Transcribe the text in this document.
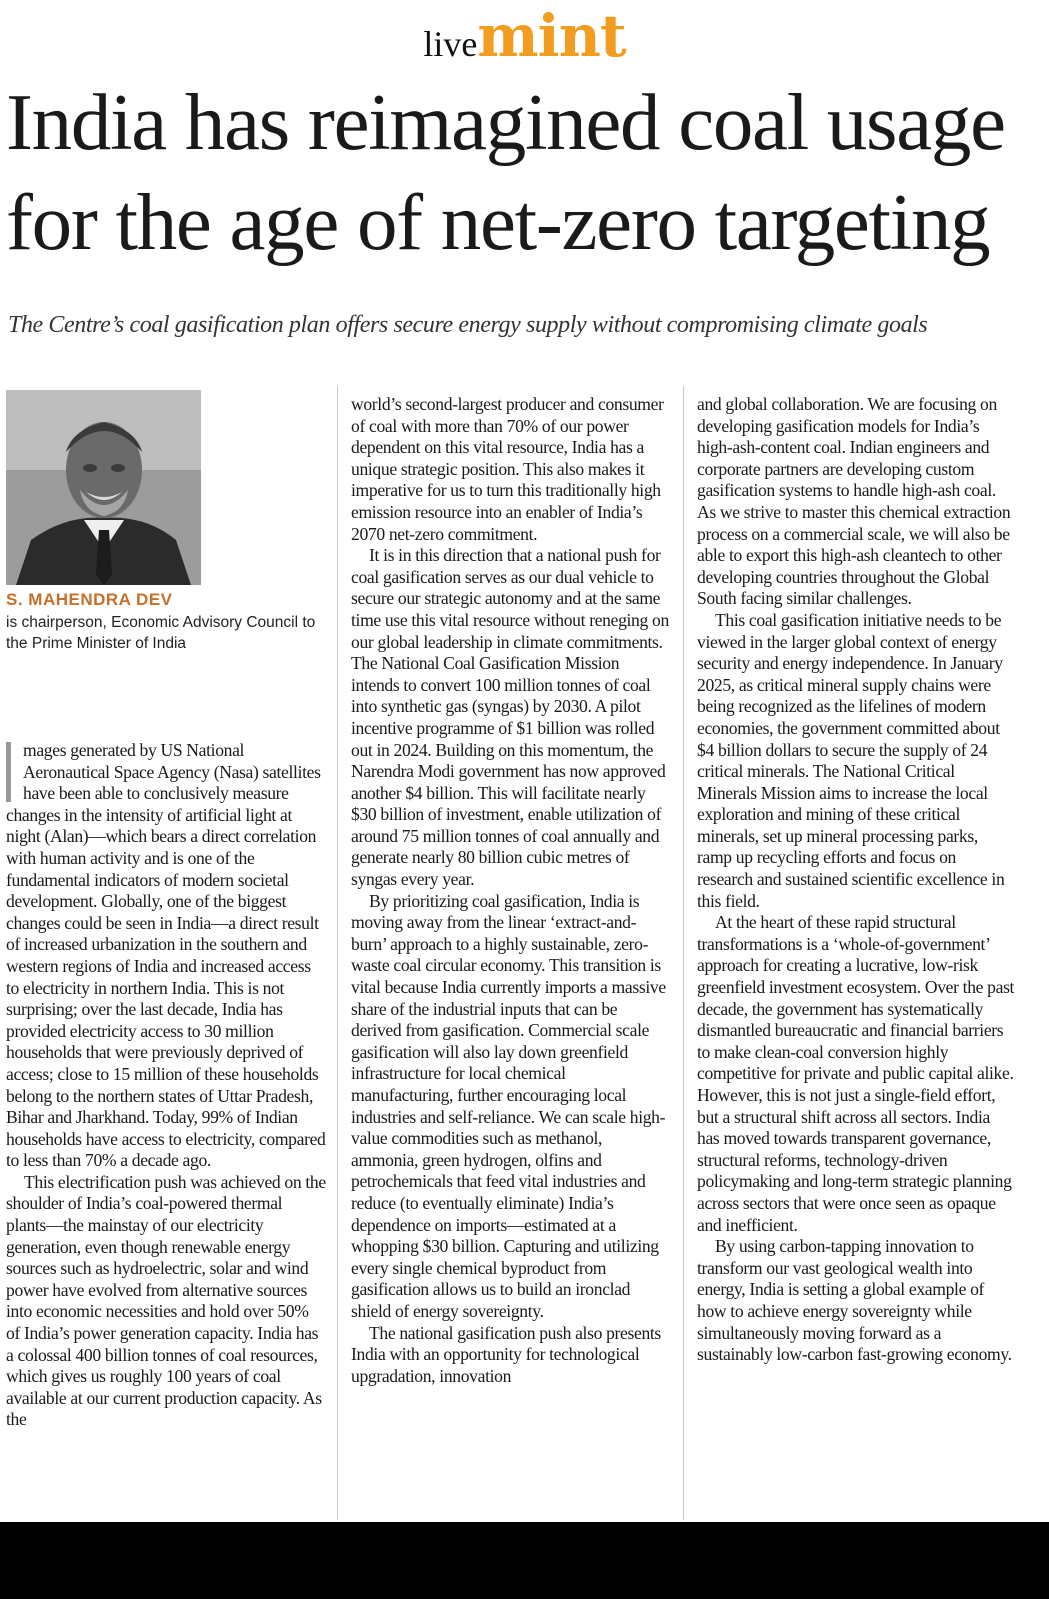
livemint
India has reimagined coal usage
for the age of net-zero targeting
The Centre’s coal gasification plan offers secure energy supply without compromising climate goals
S. MAHENDRA DEV
is chairperson, Economic Advisory Council to the Prime Minister of India

mages generated by US National Aeronautical Space Agency (Nasa) satellites have been able to conclusively measure changes in the intensity of artificial light at night (Alan)—which bears a direct correlation with human activity and is one of the fundamental indicators of modern societal development. Globally, one of the biggest changes could be seen in India—a direct result of increased urbanization in the southern and western regions of India and increased access to electricity in northern India. This is not surprising; over the last decade, India has provided electricity access to 30 million households that were previously deprived of access; close to 15 million of these households belong to the northern states of Uttar Pradesh, Bihar and Jharkhand. Today, 99% of Indian households have access to electricity, compared to less than 70% a decade ago.

This electrification push was achieved on the shoulder of India’s coal-powered thermal plants—the mainstay of our electricity generation, even though renewable energy sources such as hydroelectric, solar and wind power have evolved from alternative sources into economic necessities and hold over 50% of India’s power generation capacity. India has a colossal 400 billion tonnes of coal resources, which gives us roughly 100 years of coal available at our current production capacity. As the

world’s second-largest producer and consumer of coal with more than 70% of our power dependent on this vital resource, India has a unique strategic position. This also makes it imperative for us to turn this traditionally high emission resource into an enabler of India’s 2070 net-zero commitment.

It is in this direction that a national push for coal gasification serves as our dual vehicle to secure our strategic autonomy and at the same time use this vital resource without reneging on our global leadership in climate commitments. The National Coal Gasification Mission intends to convert 100 million tonnes of coal into synthetic gas (syngas) by 2030. A pilot incentive programme of $1 billion was rolled out in 2024. Building on this momentum, the Narendra Modi government has now approved another $4 billion. This will facilitate nearly $30 billion of investment, enable utilization of around 75 million tonnes of coal annually and generate nearly 80 billion cubic metres of syngas every year.

By prioritizing coal gasification, India is moving away from the linear ‘extract-and-burn’ approach to a highly sustainable, zero-waste coal circular economy. This transition is vital because India currently imports a massive share of the industrial inputs that can be derived from gasification. Commercial scale gasification will also lay down greenfield infrastructure for local chemical manufacturing, further encouraging local industries and self-reliance. We can scale high-value commodities such as methanol, ammonia, green hydrogen, olfins and petrochemicals that feed vital industries and reduce (to eventually eliminate) India’s dependence on imports—estimated at a whopping $30 billion. Capturing and utilizing every single chemical byproduct from gasification allows us to build an ironclad shield of energy sovereignty.

The national gasification push also presents India with an opportunity for technological upgradation, innovation

and global collaboration. We are focusing on developing gasification models for India’s high-ash-content coal. Indian engineers and corporate partners are developing custom gasification systems to handle high-ash coal. As we strive to master this chemical extraction process on a commercial scale, we will also be able to export this high-ash cleantech to other developing countries throughout the Global South facing similar challenges.

This coal gasification initiative needs to be viewed in the larger global context of energy security and energy independence. In January 2025, as critical mineral supply chains were being recognized as the lifelines of modern economies, the government committed about $4 billion dollars to secure the supply of 24 critical minerals. The National Critical Minerals Mission aims to increase the local exploration and mining of these critical minerals, set up mineral processing parks, ramp up recycling efforts and focus on research and sustained scientific excellence in this field.

At the heart of these rapid structural transformations is a ‘whole-of-government’ approach for creating a lucrative, low-risk greenfield investment ecosystem. Over the past decade, the government has systematically dismantled bureaucratic and financial barriers to make clean-coal conversion highly competitive for private and public capital alike. However, this is not just a single-field effort, but a structural shift across all sectors. India has moved towards transparent governance, structural reforms, technology-driven policymaking and long-term strategic planning across sectors that were once seen as opaque and inefficient.

By using carbon-tapping innovation to transform our vast geological wealth into energy, India is setting a global example of how to achieve energy sovereignty while simultaneously moving forward as a sustainably low-carbon fast-growing economy.
